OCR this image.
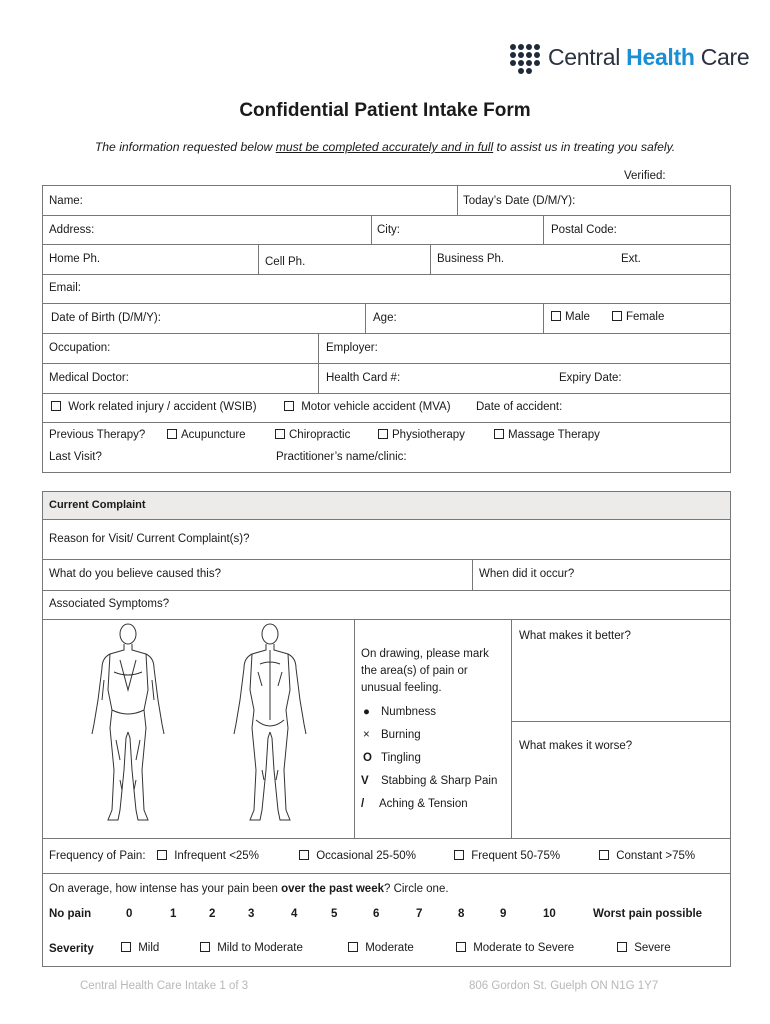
Central Health Care
Confidential Patient Intake Form
The information requested below must be completed accurately and in full to assist us in treating you safely.
Verified:
Name:	Today’s Date (D/M/Y):
Address:	City:	Postal Code:
Home Ph.	Cell Ph.	Business Ph.	Ext.
Email:
Date of Birth (D/M/Y):	Age:	Male	Female
Occupation:	Employer:
Medical Doctor:	Health Card #:	Expiry Date:
Work related injury / accident (WSIB)	Motor vehicle accident (MVA) Date of accident:
Previous Therapy?	Acupuncture	Chiropractic	Physiotherapy	Massage Therapy
Last Visit?	Practitioner’s name/clinic:
Current Complaint
Reason for Visit/ Current Complaint(s)?
What do you believe caused this?	When did it occur?
Associated Symptoms?
On drawing, please mark the area(s) of pain or unusual feeling.
● Numbness
× Burning
O Tingling
V Stabbing & Sharp Pain
/ Aching & Tension
What makes it better?
What makes it worse?
Frequency of Pain:	Infrequent <25%	Occasional 25-50%	Frequent 50-75%	Constant >75%
On average, how intense has your pain been over the past week? Circle one.
No pain	0	1	2	3	4	5	6	7	8	9	10	Worst pain possible
Severity	Mild	Mild to Moderate	Moderate	Moderate to Severe	Severe
Central Health Care Intake 1 of 3	806 Gordon St. Guelph ON N1G 1Y7
